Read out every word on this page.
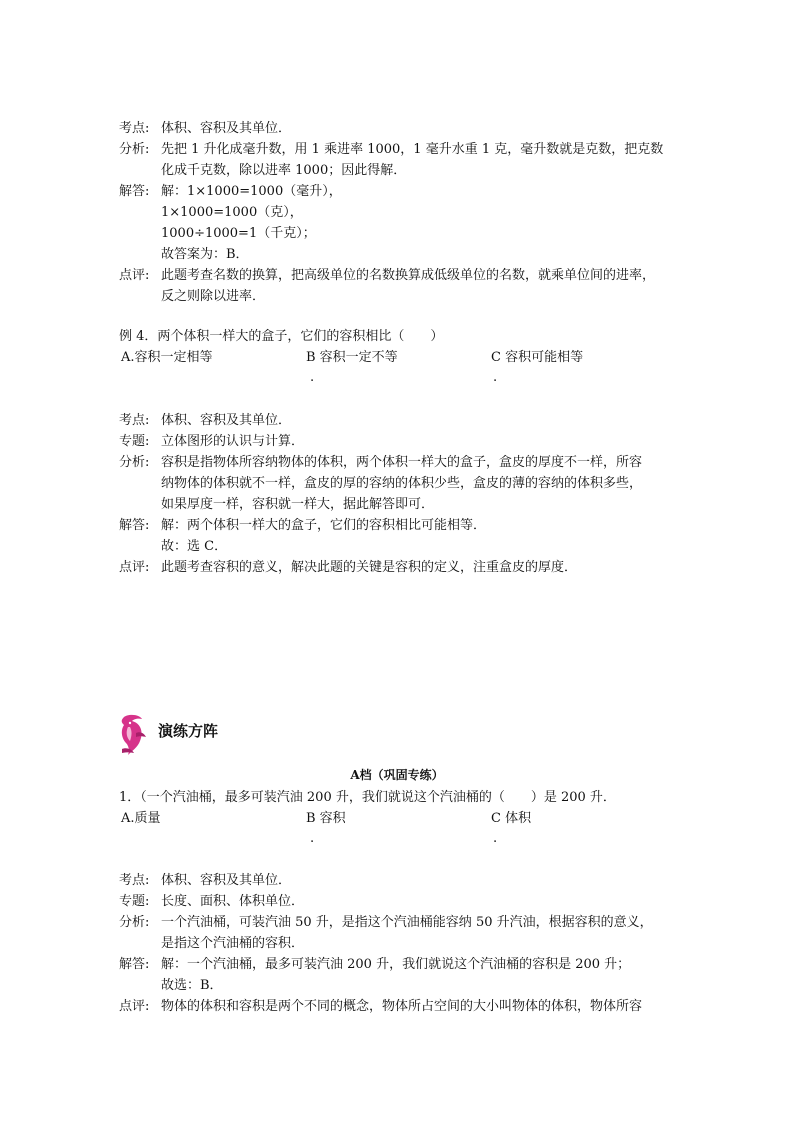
考点: 体积、容积及其单位．
分析: 先把 1 升化成毫升数，用 1 乘进率 1000，1 毫升水重 1 克，毫升数就是克数，把克数
化成千克数，除以进率 1000；因此得解．
解答: 解：1×1000=1000（毫升），
1×1000=1000（克），
1000÷1000=1（千克）；
故答案为：B．
点评: 此题考查名数的换算，把高级单位的名数换算成低级单位的名数，就乘单位间的进率，
反之则除以进率．
例 4．两个体积一样大的盒子，它们的容积相比（　　）
A.容积一定相等	B 容积一定不等
.
C 容积可能相等
.
考点: 体积、容积及其单位．
专题: 立体图形的认识与计算．
分析: 容积是指物体所容纳物体的体积，两个体积一样大的盒子，盒皮的厚度不一样，所容
纳物体的体积就不一样，盒皮的厚的容纳的体积少些，盒皮的薄的容纳的体积多些，
如果厚度一样，容积就一样大，据此解答即可．
解答: 解：两个体积一样大的盒子，它们的容积相比可能相等．
故：选 C．
点评: 此题考查容积的意义，解决此题的关键是容积的定义，注重盒皮的厚度．
演练方阵
A档（巩固专练）
1．（一个汽油桶，最多可装汽油 200 升，我们就说这个汽油桶的（　　）是 200 升．
A.质量	B 容积
.
C 体积
.
考点: 体积、容积及其单位．
专题: 长度、面积、体积单位．
分析: 一个汽油桶，可装汽油 50 升，是指这个汽油桶能容纳 50 升汽油，根据容积的意义，
是指这个汽油桶的容积．
解答: 解：一个汽油桶，最多可装汽油 200 升，我们就说这个汽油桶的容积是 200 升；
故选：B．
点评: 物体的体积和容积是两个不同的概念，物体所占空间的大小叫物体的体积，物体所容
